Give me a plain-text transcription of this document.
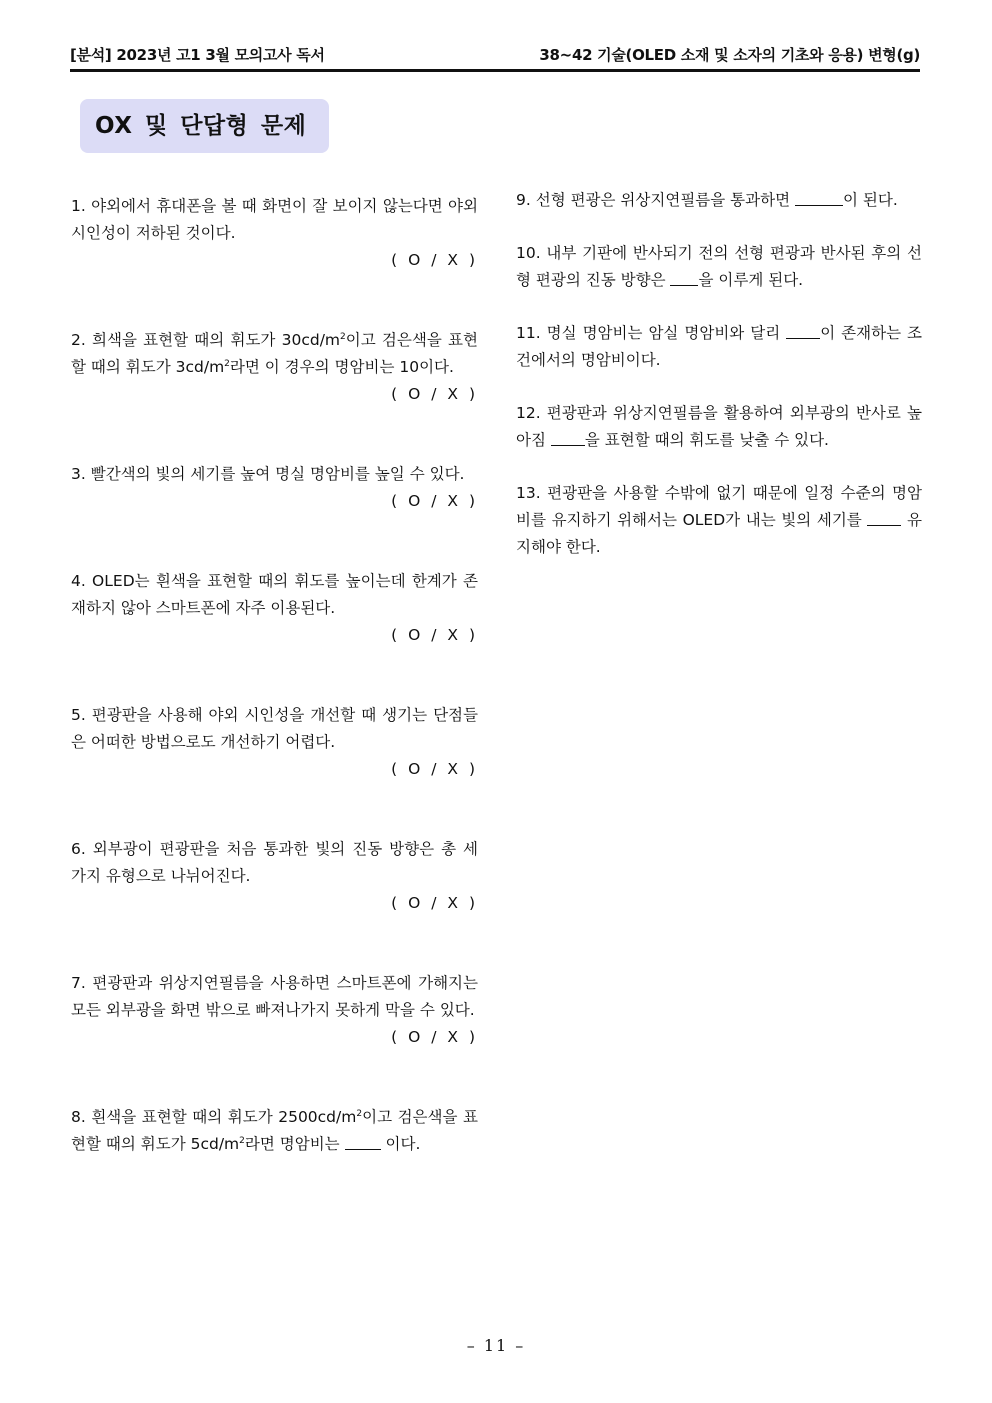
[분석] 2023년 고1 3월 모의고사 독서	38~42 기술(OLED 소재 및 소자의 기초와 응용) 변형(g)
OX 및 단답형 문제
1. 야외에서 휴대폰을 볼 때 화면이 잘 보이지 않는다면 야외 시인성이 저하된 것이다.
( O / X )
2. 희색을 표현할 때의 휘도가 $30cd/m^2$이고 검은색을 표현할 때의 휘도가 $3cd/m^2$라면 이 경우의 명암비는 10이다.
( O / X )
3. 빨간색의 빛의 세기를 높여 명실 명암비를 높일 수 있다.
( O / X )
4. OLED는 흰색을 표현할 때의 휘도를 높이는데 한계가 존재하지 않아 스마트폰에 자주 이용된다.
( O / X )
5. 편광판을 사용해 야외 시인성을 개선할 때 생기는 단점들은 어떠한 방법으로도 개선하기 어렵다.
( O / X )
6. 외부광이 편광판을 처음 통과한 빛의 진동 방향은 총 세 가지 유형으로 나뉘어진다.
( O / X )
7. 편광판과 위상지연필름을 사용하면 스마트폰에 가해지는 모든 외부광을 화면 밖으로 빠져나가지 못하게 막을 수 있다.
( O / X )
8. 흰색을 표현할 때의 휘도가 $2500cd/m^2$이고 검은색을 표현할 때의 휘도가 $5cd/m^2$라면 명암비는	이다.
9. 선형 편광은 위상지연필름을 통과하면	이 된다.
10. 내부 기판에 반사되기 전의 선형 편광과 반사된 후의 선형 편광의 진동 방향은 을 이루게 된다.
11. 명실 명암비는 암실 명암비와 달리 이 존재하는 조건에서의 명암비이다.
12. 편광판과 위상지연필름을 활용하여 외부광의 반사로 높아짐 을 표현할 때의 휘도를 낮출 수 있다.
13. 편광판을 사용할 수밖에 없기 때문에 일정 수준의 명암비를 유지하기 위해서는 OLED가 내는 빛의 세기를  유지해야 한다.
– 11 –
